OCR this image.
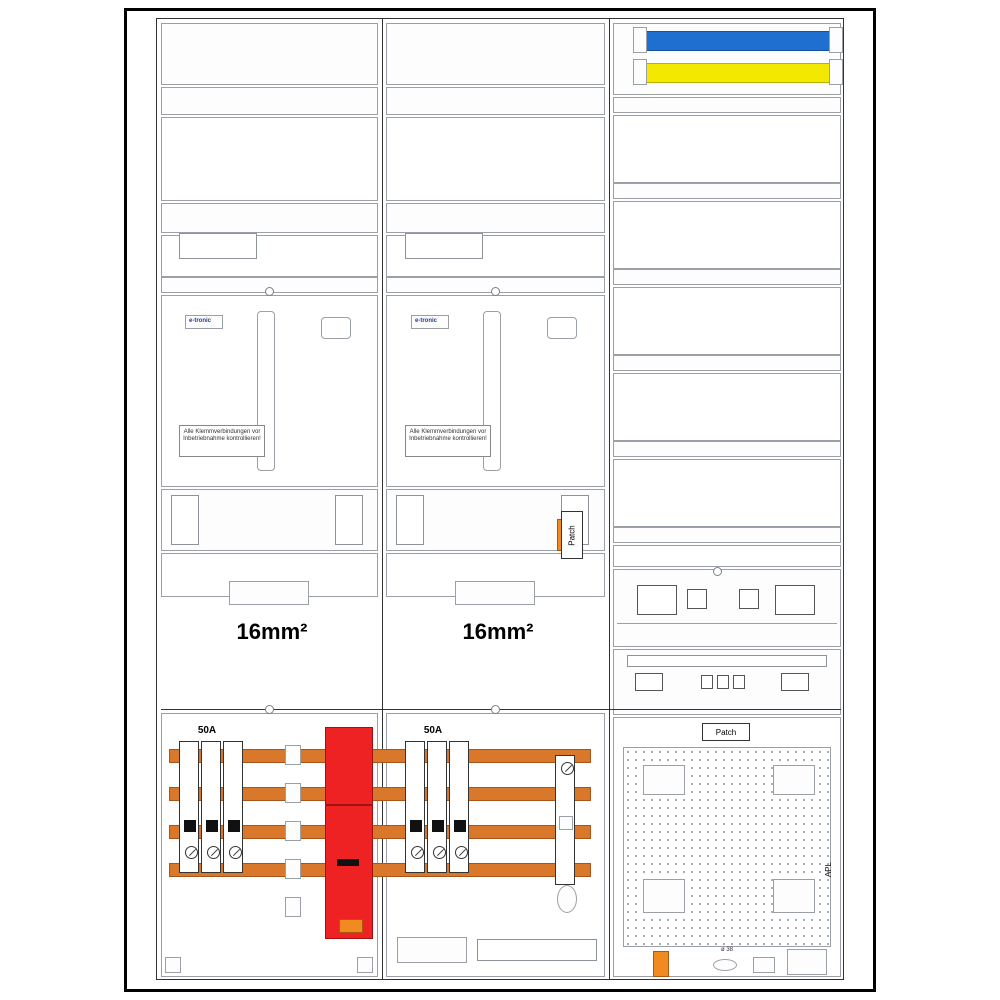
e-tronic
Alle Klemmverbindungen vor Inbetriebnahme kontrollieren!
e-tronic
Alle Klemmverbindungen vor Inbetriebnahme kontrollieren!
Patch
16mm²	16mm²
50A	50A	Patch
APL
ø 38
